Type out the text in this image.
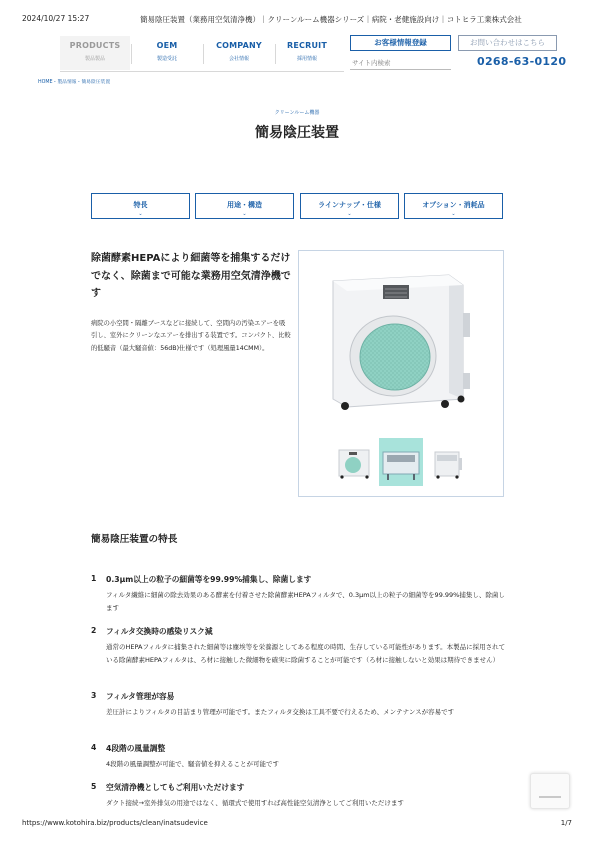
2024/10/27 15:27	簡易陰圧装置（業務用空気清浄機）｜クリーンルーム機器シリーズ｜病院・老健施設向け｜コトヒラ工業株式会社
PRODUCTS
製品製品
OEM
製造受託
COMPANY
会社情報
RECRUIT
採用情報
お客様情報登録	お問い合わせはこちら
サイト内検索
0268-63-0120
HOME・製品情報・簡易陰圧装置
クリーンルーム機器
簡易陰圧装置
特長
⌄
用途・構造
⌄
ラインナップ・仕様
⌄
オプション・消耗品
⌄

除菌酵素HEPAにより細菌等を捕集するだけでなく、除菌まで可能な業務用空気清浄機です

病院の小空間・隔離ブースなどに接続して、空間内の汚染エアーを吸引し、室外にクリーンなエアーを排出する装置です。コンパクト、比較的低騒音（最大騒音値：56dB)仕様です（処理風量14CMM）。

簡易陰圧装置の特長
1 0.3μm以上の粒子の細菌等を99.99%捕集し、除菌します

フィルタ繊維に細菌の除去効果のある酵素を付着させた除菌酵素HEPAフィルタで、0.3μm以上の粒子の細菌等を99.99%捕集し、除菌します

2 フィルタ交換時の感染リスク減

通常のHEPAフィルタに捕集された細菌等は塵埃等を栄養源としてある程度の時間、生存している可能性があります。本製品に採用されている除菌酵素HEPAフィルタは、ろ材に接触した微細物を確実に除菌することが可能です（ろ材に接触しないと効果は期待できません）

3 フィルタ管理が容易

差圧計によりフィルタの目詰まり管理が可能です。またフィルタ交換は工具不要で行えるため、メンテナンスが容易です

4 4段階の風量調整

4段階の風量調整が可能で、騒音値を抑えることが可能です

5 空気清浄機としてもご利用いただけます

ダクト接続→室外排気の用途ではなく、循環式で使用すれば高性能空気清浄としてご利用いただけます

https://www.kotohira.biz/products/clean/inatsudevice	1/7
